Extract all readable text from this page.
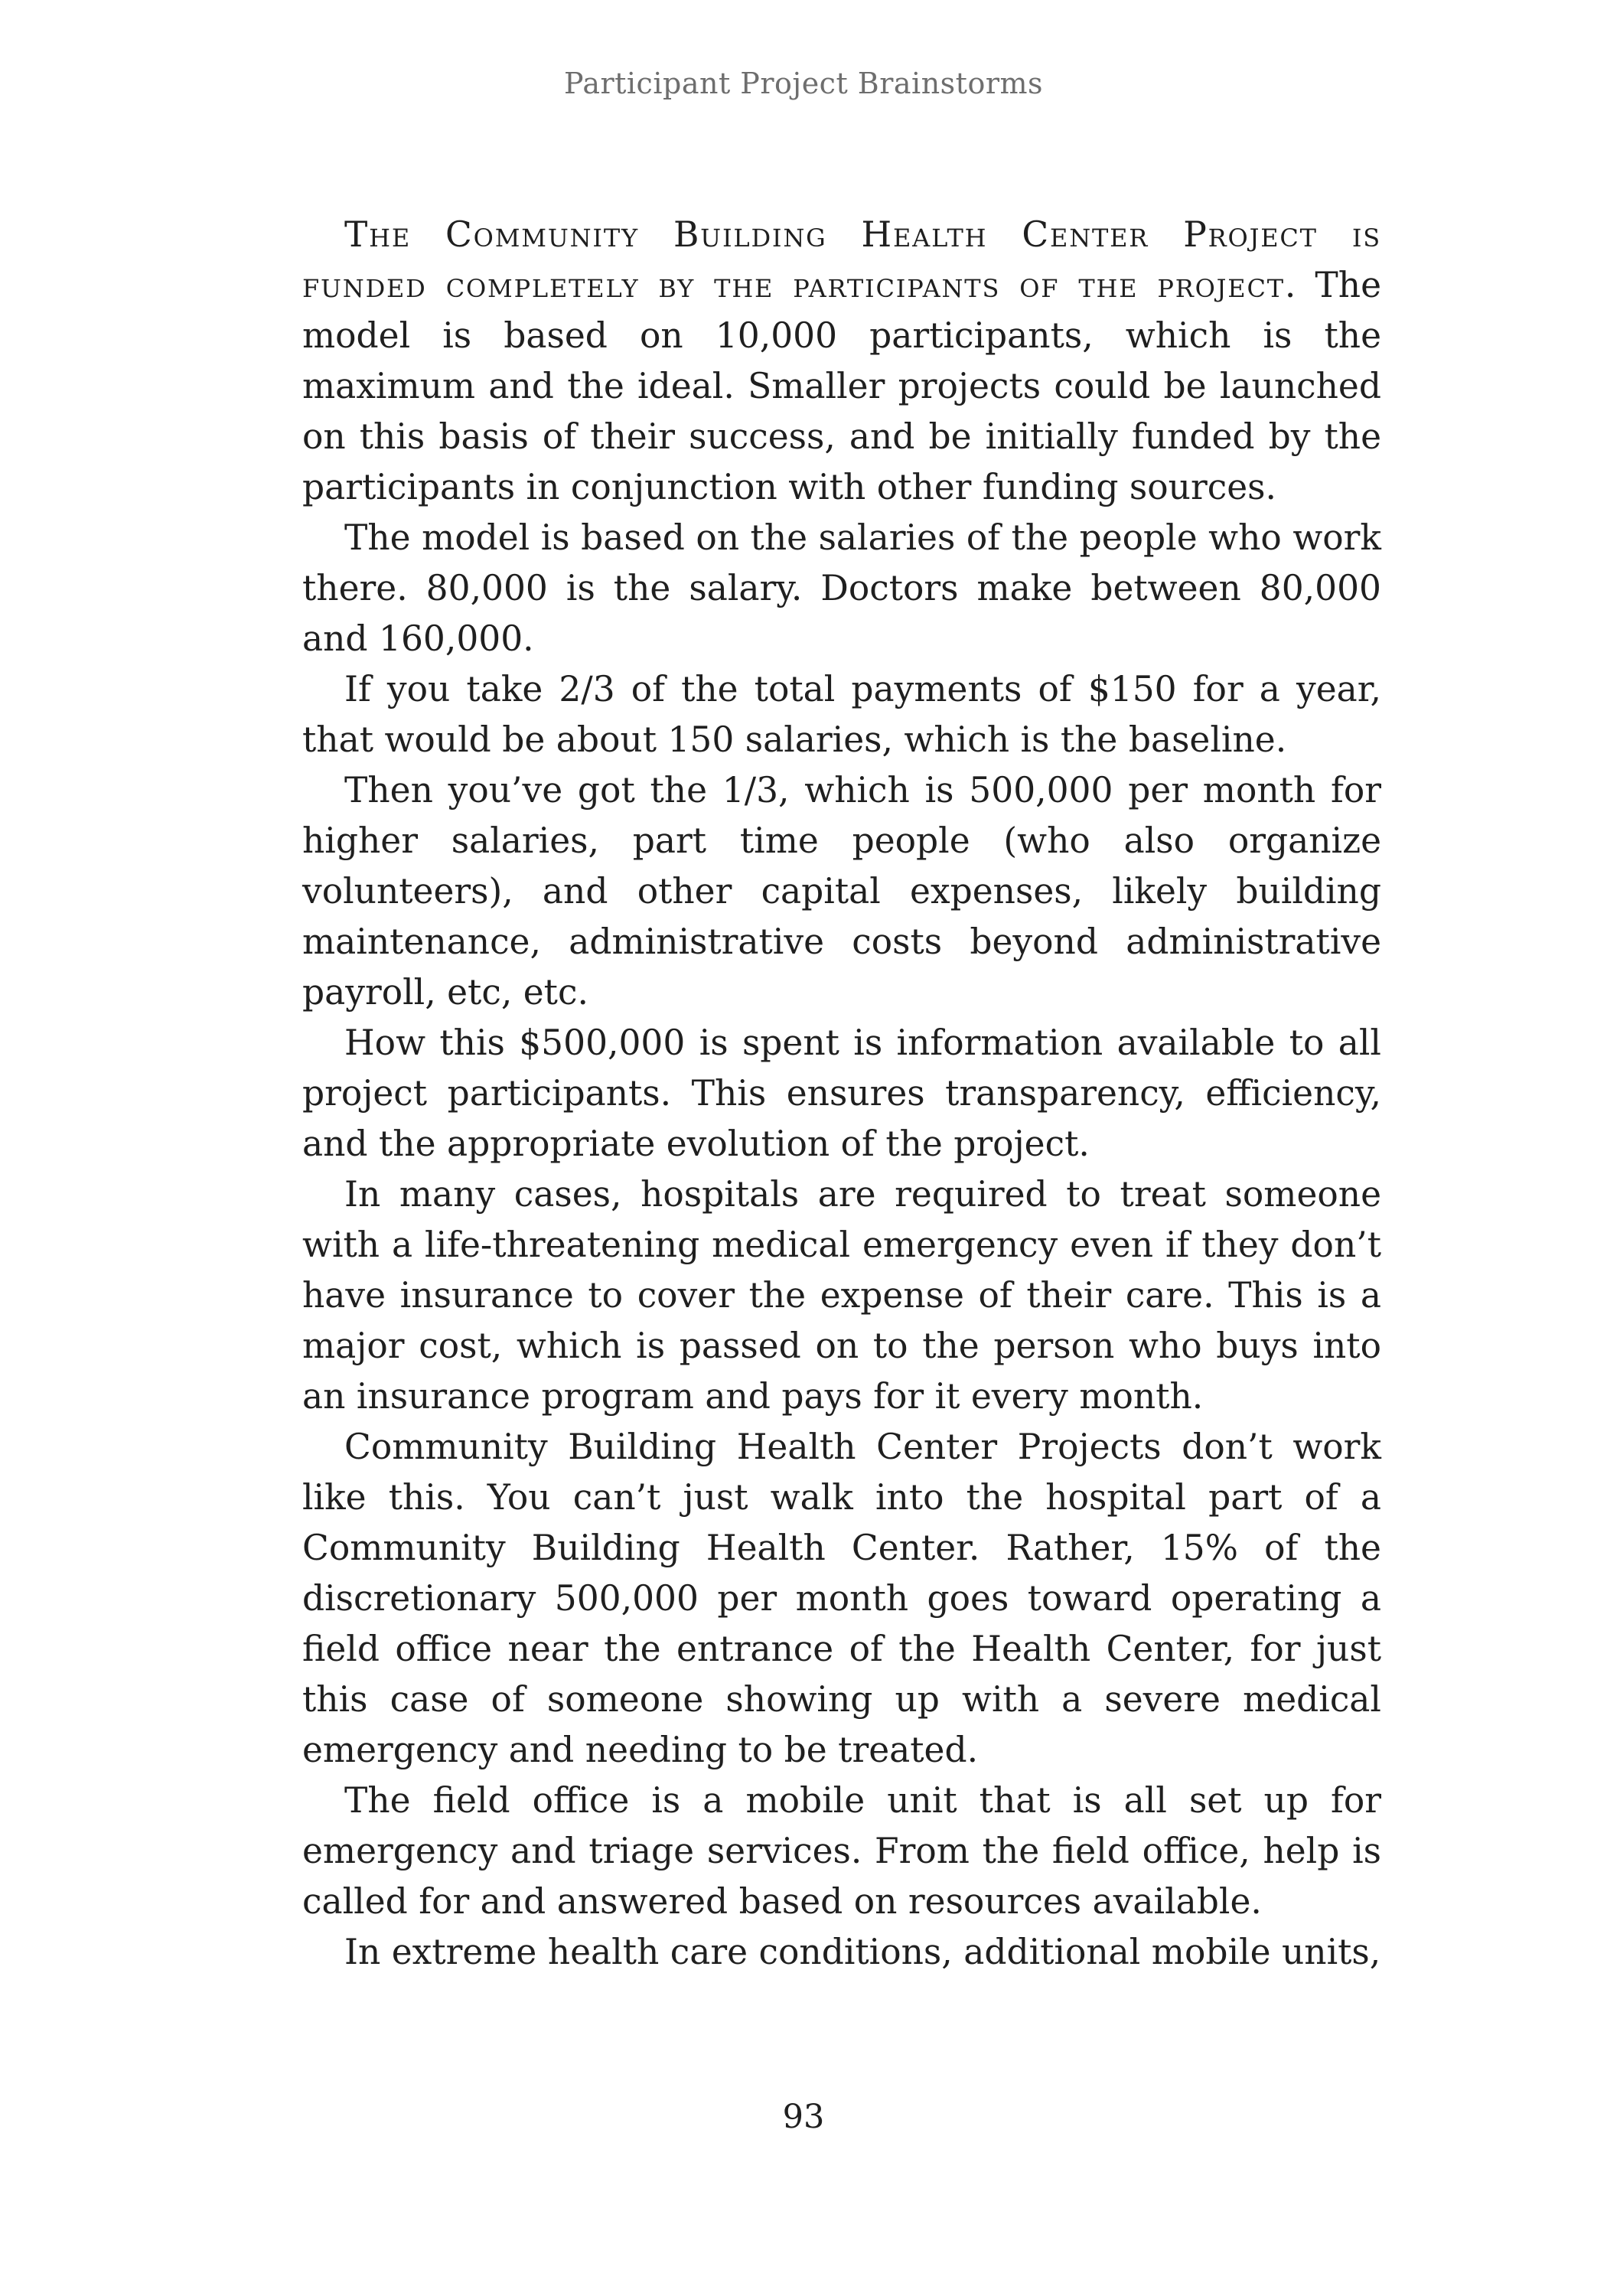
Participant Project Brainstorms

The Community Building Health Center Project is funded completely by the participants of the project. The model is based on 10,000 participants, which is the maximum and the ideal. Smaller projects could be launched on this basis of their success, and be initially funded by the participants in conjunction with other funding sources.

The model is based on the salaries of the people who work there. 80,000 is the salary. Doctors make between 80,000 and 160,000.

If you take 2/3 of the total payments of $150 for a year, that would be about 150 salaries, which is the baseline.

Then you’ve got the 1/3, which is 500,000 per month for higher salaries, part time people (who also organize volunteers), and other capital expenses, likely building maintenance, administrative costs beyond administrative payroll, etc, etc.

How this $500,000 is spent is information available to all project participants. This ensures transparency, efficiency, and the appropriate evolution of the project.

In many cases, hospitals are required to treat someone with a life-threatening medical emergency even if they don’t have insurance to cover the expense of their care. This is a major cost, which is passed on to the person who buys into an insurance program and pays for it every month.

Community Building Health Center Projects don’t work like this. You can’t just walk into the hospital part of a Community Building Health Center. Rather, 15% of the discretionary 500,000 per month goes toward operating a field office near the entrance of the Health Center, for just this case of someone showing up with a severe medical emergency and needing to be treated.

The field office is a mobile unit that is all set up for emergency and triage services. From the field office, help is called for and answered based on resources available.

In extreme health care conditions, additional mobile units,

93
